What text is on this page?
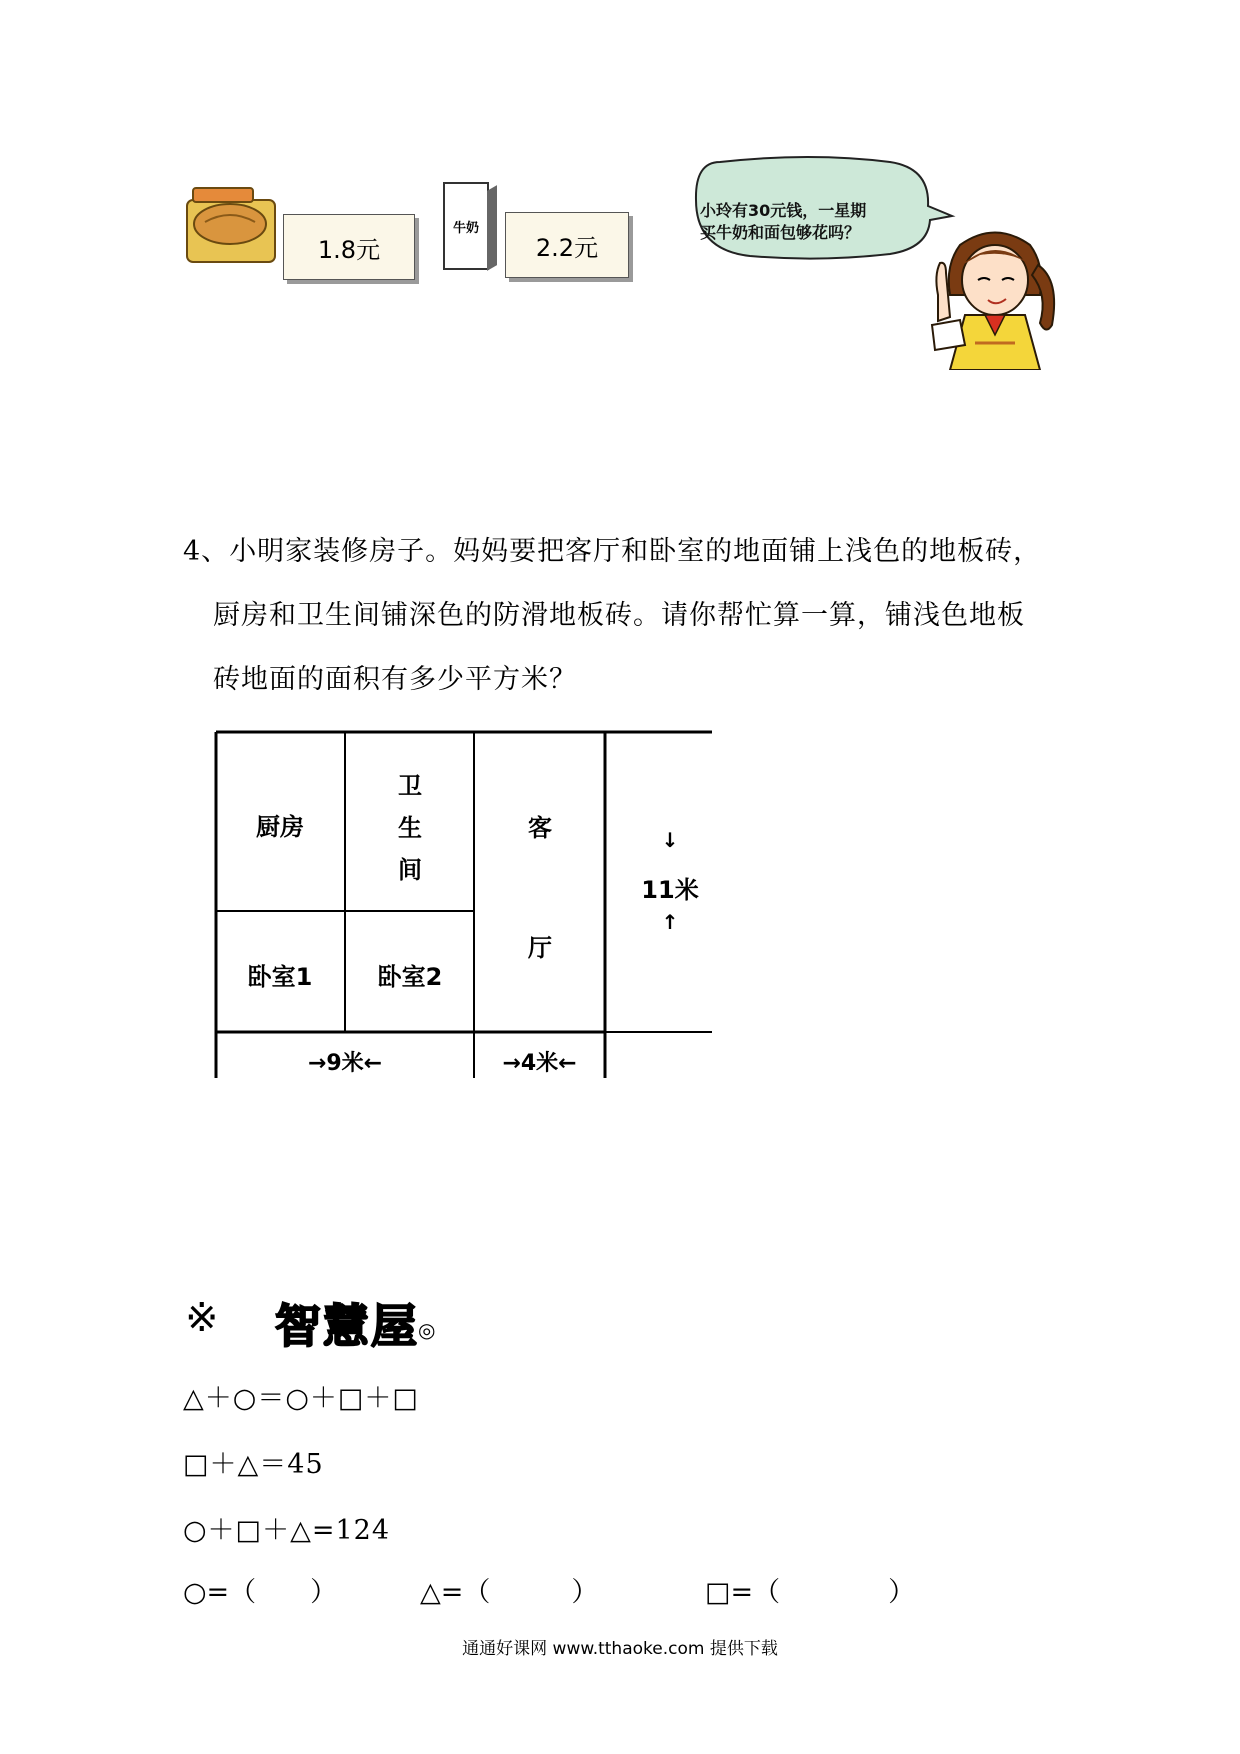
1.8元
牛奶
2.2元
小玲有30元钱，一星期
买牛奶和面包够花吗？
4、小明家装修房子。妈妈要把客厅和卧室的地面铺上浅色的地板砖，
厨房和卫生间铺深色的防滑地板砖。请你帮忙算一算，铺浅色地板
砖地面的面积有多少平方米？
厨房
卫
生
间
客
厅
卧室1	卧室2
↓
11米
↑
→9米←	→4米←
※ 智慧屋 ◎
△＋○＝○＋□＋□
□＋△＝45
○＋□＋△=124
○=（　　）	△=（　　　）	□=（　　　　）
通通好课网 www.tthaoke.com 提供下载
